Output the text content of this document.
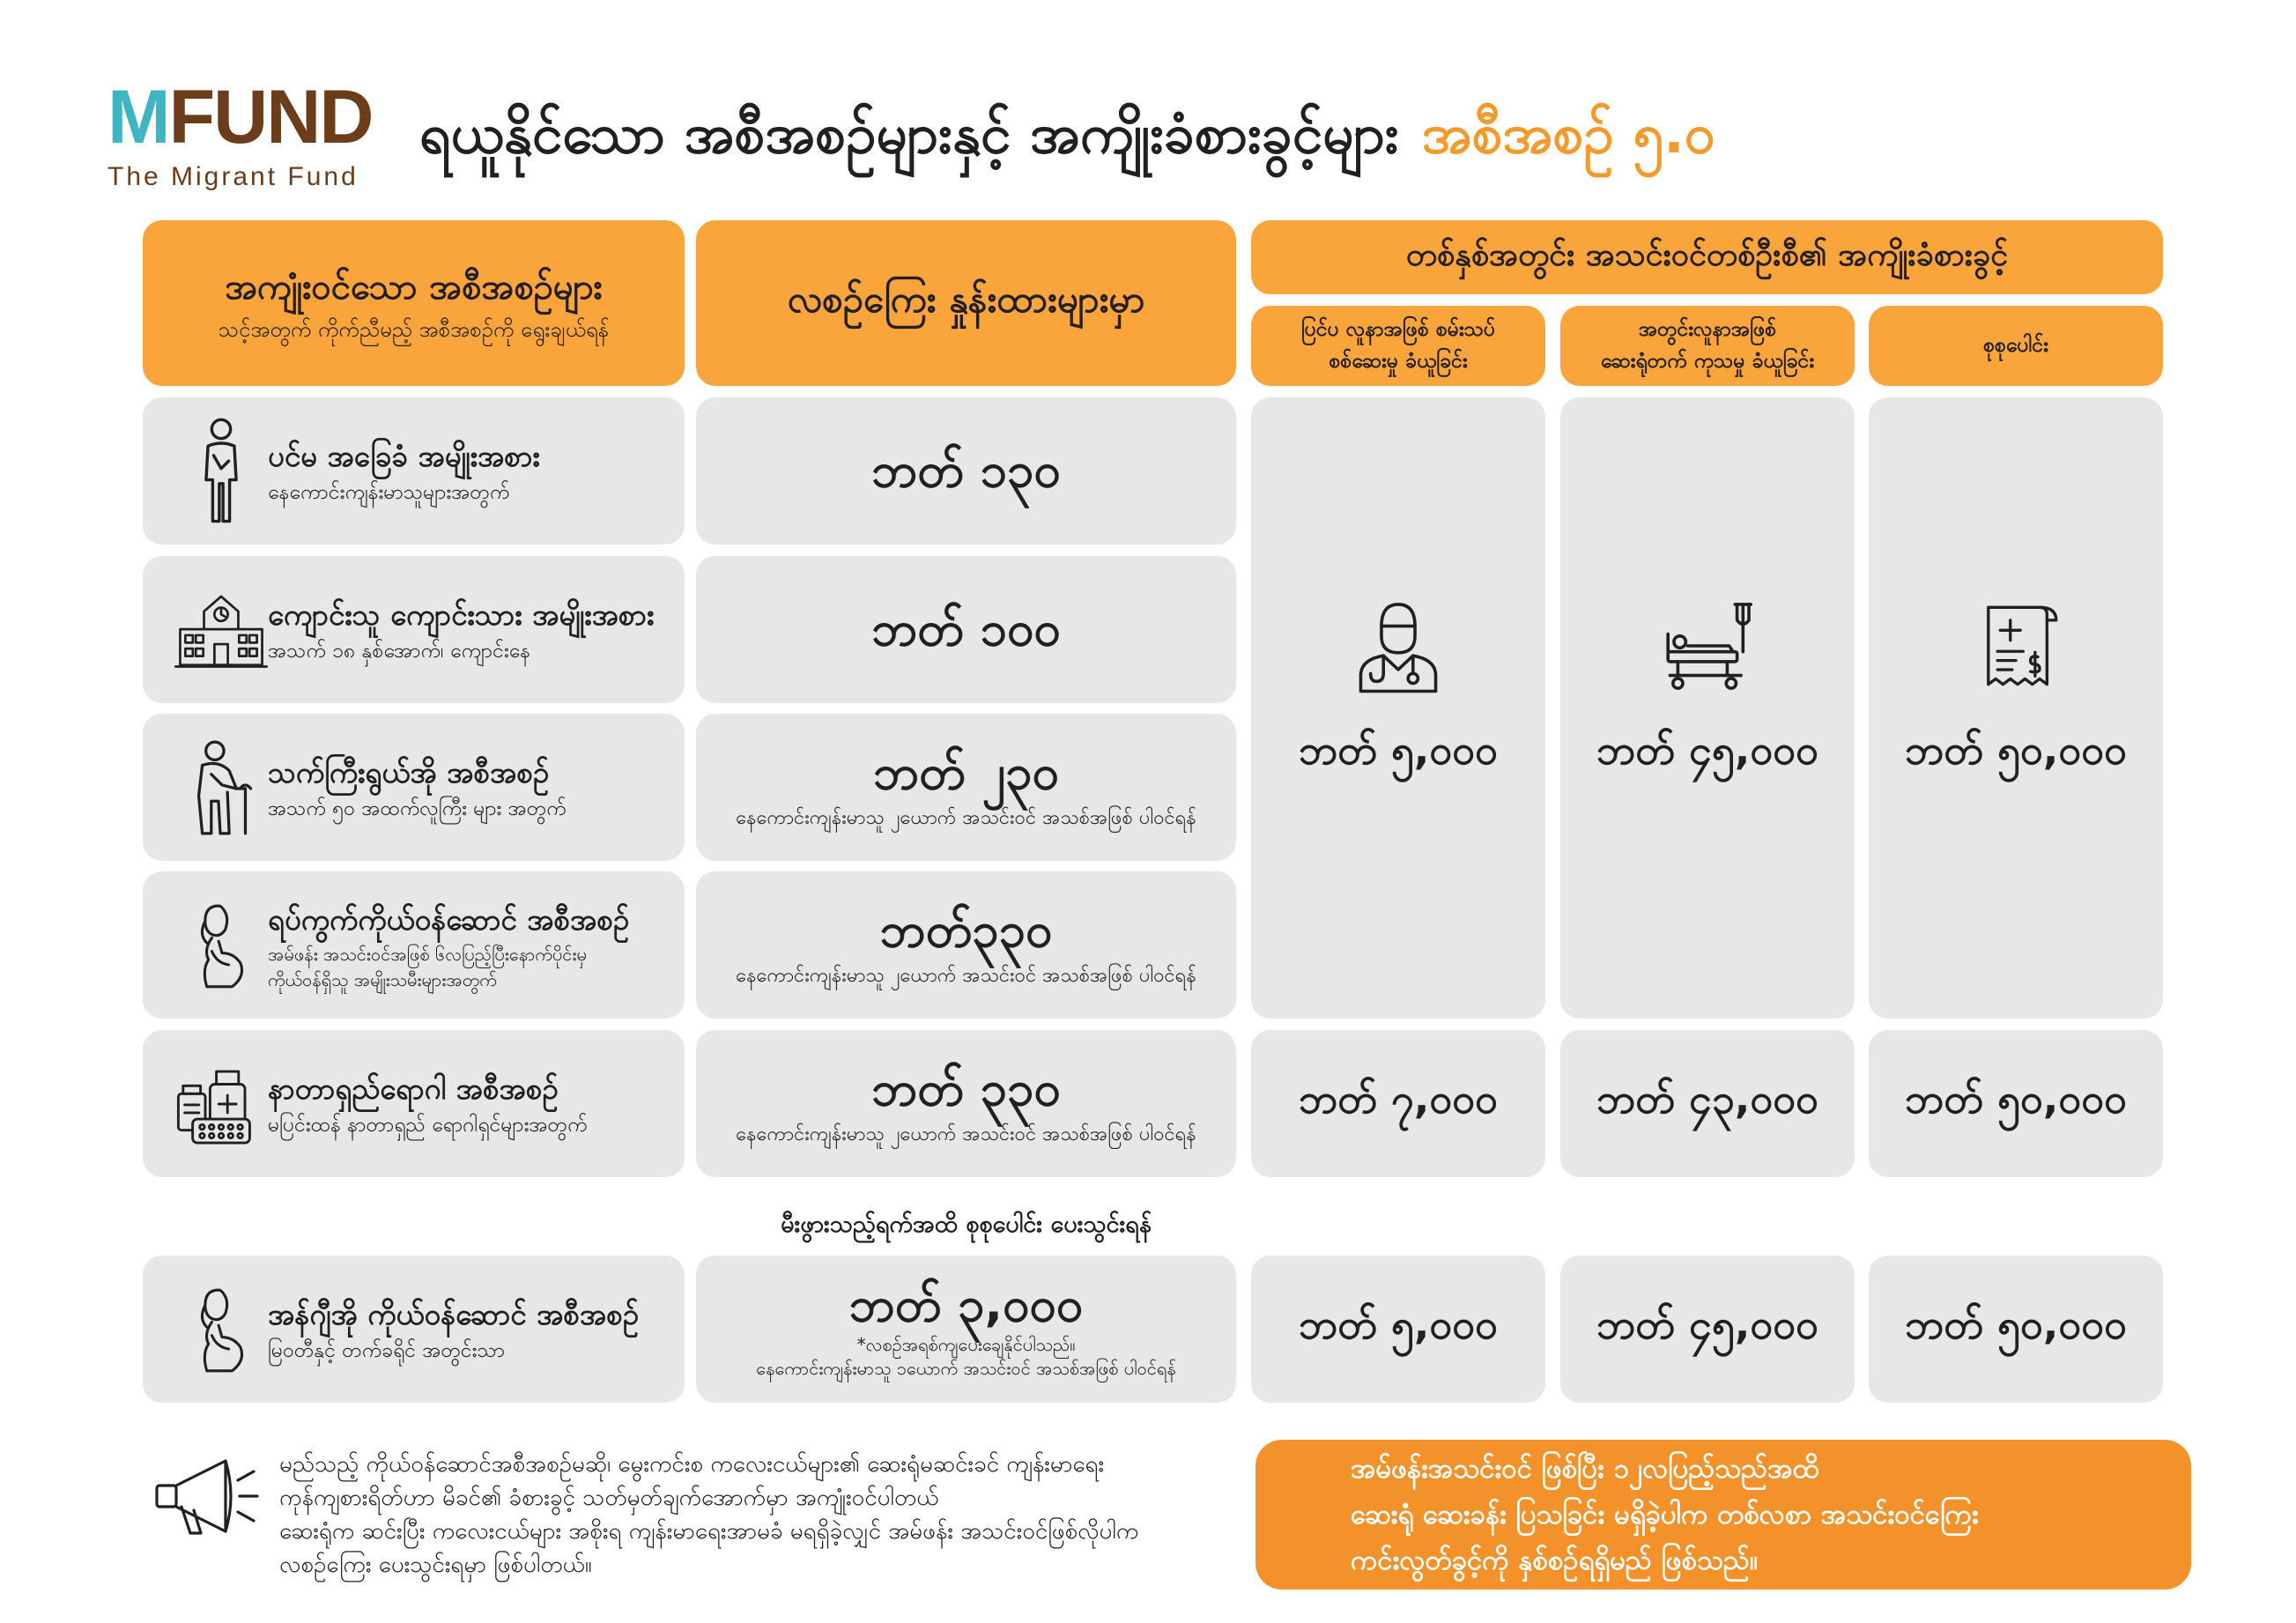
MFUND
The Migrant Fund
ရယူနိုင်သော အစီအစဉ်များနှင့် အကျိုးခံစားခွင့်များ အစီအစဉ် ၅.၀
အကျုံးဝင်သော အစီအစဉ်များ
သင့်အတွက် ကိုက်ညီမည့် အစီအစဉ်ကို ရွေးချယ်ရန်
လစဉ်ကြေး နှုန်းထားများမှာ
တစ်နှစ်အတွင်း အသင်းဝင်တစ်ဦးစီ၏ အကျိုးခံစားခွင့်
ပြင်ပ လူနာအဖြစ် စမ်းသပ်
စစ်ဆေးမှု ခံယူခြင်း
အတွင်းလူနာအဖြစ်
ဆေးရုံတက် ကုသမှု ခံယူခြင်း
စုစုပေါင်း
ပင်မ အခြေခံ အမျိုးအစား
နေကောင်းကျန်းမာသူများအတွက်	ဘတ် ၁၃၀
ကျောင်းသူ ကျောင်းသား အမျိုးအစား
အသက် ၁၈ နှစ်အောက်၊ ကျောင်းနေ	ဘတ် ၁၀၀
သက်ကြီးရွယ်အို အစီအစဉ်
အသက် ၅၀ အထက်လူကြီး များ အတွက်
ဘတ် ၂၃၀
နေကောင်းကျန်းမာသူ ၂ယောက် အသင်းဝင် အသစ်အဖြစ် ပါဝင်ရန်
ရပ်ကွက်ကိုယ်ဝန်ဆောင် အစီအစဉ်
အမ်ဖန်း အသင်းဝင်အဖြစ် ၆လပြည့်ပြီးနောက်ပိုင်းမှ
ကိုယ်ဝန်ရှိသူ အမျိုးသမီးများအတွက်
ဘတ်၃၃၀
နေကောင်းကျန်းမာသူ ၂ယောက် အသင်းဝင် အသစ်အဖြစ် ပါဝင်ရန်
ဘတ် ၅,၀၀၀ ဘတ် ၄၅,၀၀၀ ဘတ် ၅၀,၀၀၀
နာတာရှည်ရောဂါ အစီအစဉ်
မပြင်းထန် နာတာရှည် ရောဂါရှင်များအတွက်
ဘတ် ၃၃၀
နေကောင်းကျန်းမာသူ ၂ယောက် အသင်းဝင် အသစ်အဖြစ် ပါဝင်ရန်
ဘတ် ၇,၀၀၀ ဘတ် ၄၃,၀၀၀ ဘတ် ၅၀,၀၀၀
မီးဖွားသည့်ရက်အထိ စုစုပေါင်း ပေးသွင်းရန်
အန်ဂျီအို ကိုယ်ဝန်ဆောင် အစီအစဉ်
မြဝတီနှင့် တက်ခရိုင် အတွင်းသာ
ဘတ် ၃,၀၀၀
*လစဉ်အရစ်ကျပေးချေနိုင်ပါသည်။
နေကောင်းကျန်းမာသူ ၁ယောက် အသင်းဝင် အသစ်အဖြစ် ပါဝင်ရန်
ဘတ် ၅,၀၀၀ ဘတ် ၄၅,၀၀၀ ဘတ် ၅၀,၀၀၀
မည်သည့် ကိုယ်ဝန်ဆောင်အစီအစဉ်မဆို၊ မွေးကင်းစ ကလေးငယ်များ၏ ဆေးရုံမဆင်းခင် ကျန်းမာရေး
ကုန်ကျစားရိတ်ဟာ မိခင်၏ ခံစားခွင့် သတ်မှတ်ချက်အောက်မှာ အကျုံးဝင်ပါတယ်
ဆေးရုံက ဆင်းပြီး ကလေးငယ်များ အစိုးရ ကျန်းမာရေးအာမခံ မရရှိခဲ့လျှင် အမ်ဖန်း အသင်းဝင်ဖြစ်လိုပါက
လစဉ်ကြေး ပေးသွင်းရမှာ ဖြစ်ပါတယ်။
အမ်ဖန်းအသင်းဝင် ဖြစ်ပြီး ၁၂လပြည့်သည်အထိ
ဆေးရုံ ဆေးခန်း ပြသခြင်း မရှိခဲ့ပါက တစ်လစာ အသင်းဝင်ကြေး
ကင်းလွတ်ခွင့်ကို နှစ်စဉ်ရရှိမည် ဖြစ်သည်။
